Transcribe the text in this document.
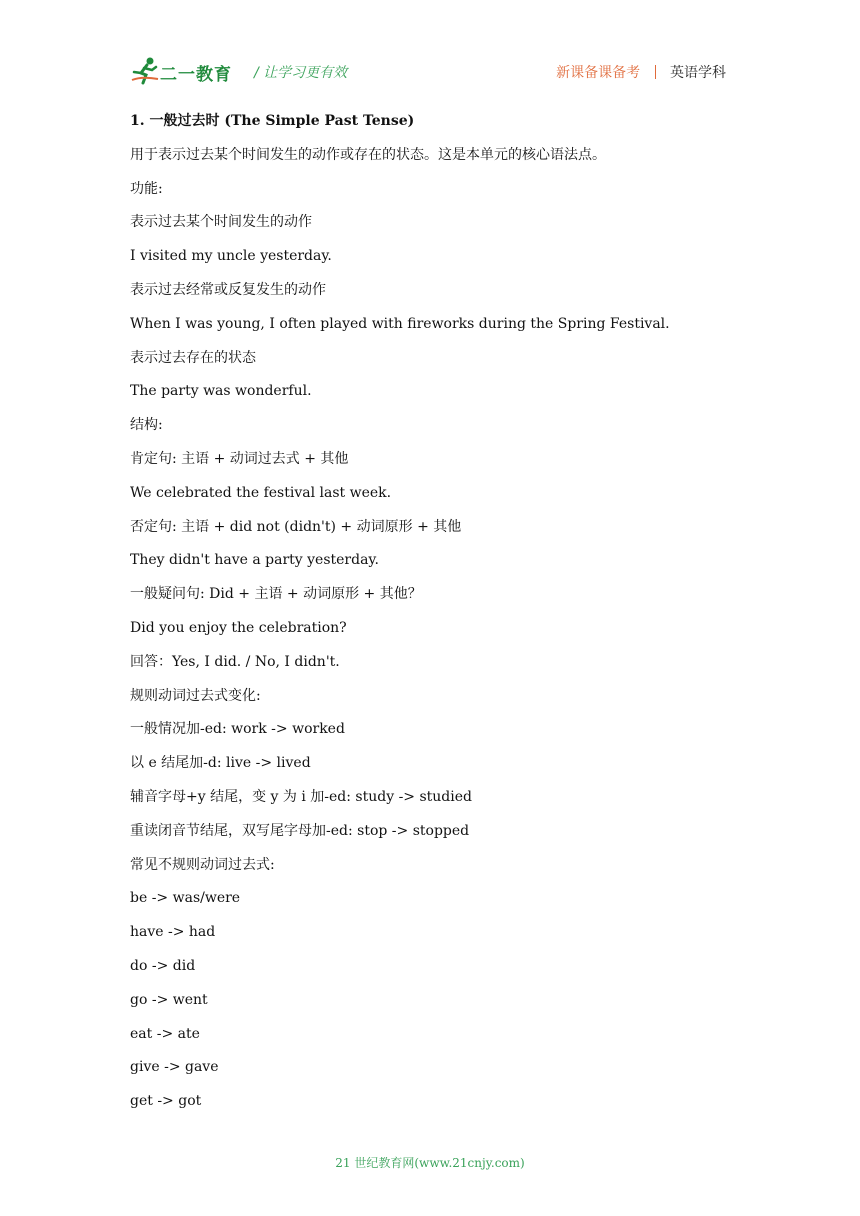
二一教育 / 让学习更有效	新课备课备考 英语学科
1. 一般过去时 (The Simple Past Tense)
用于表示过去某个时间发生的动作或存在的状态。这是本单元的核心语法点。
功能:
表示过去某个时间发生的动作
I visited my uncle yesterday.
表示过去经常或反复发生的动作
When I was young, I often played with fireworks during the Spring Festival.
表示过去存在的状态
The party was wonderful.
结构:
肯定句: 主语 + 动词过去式 + 其他
We celebrated the festival last week.
否定句: 主语 + did not (didn't) + 动词原形 + 其他
They didn't have a party yesterday.
一般疑问句: Did + 主语 + 动词原形 + 其他？
Did you enjoy the celebration?
回答：Yes, I did. / No, I didn't.
规则动词过去式变化:
一般情况加-ed: work -> worked
以 e 结尾加-d: live -> lived
辅音字母+y 结尾，变 y 为 i 加-ed: study -> studied
重读闭音节结尾，双写尾字母加-ed: stop -> stopped
常见不规则动词过去式:
be -> was/were
have -> had
do -> did
go -> went
eat -> ate
give -> gave
get -> got
21 世纪教育网(www.21cnjy.com)
